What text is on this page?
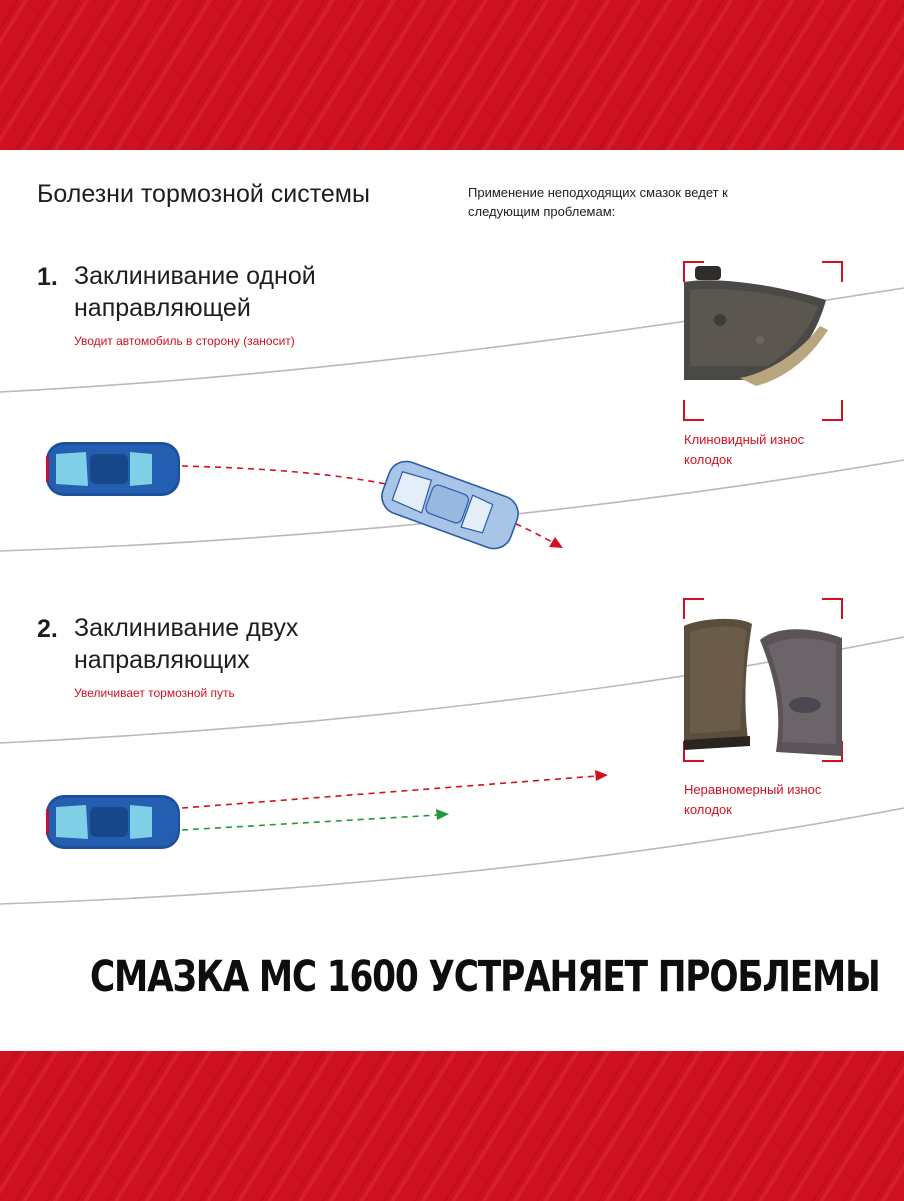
Болезни тормозной системы	Применение неподходящих смазок ведет к следующим проблемам:
1. Заклинивание одной направляющей
Уводит автомобиль в сторону (заносит)
Клиновидный износ колодок
2. Заклинивание двух направляющих
Увеличивает тормозной путь
Неравномерный износ колодок
СМАЗКА МС 1600 УСТРАНЯЕТ ПРОБЛЕМЫ
